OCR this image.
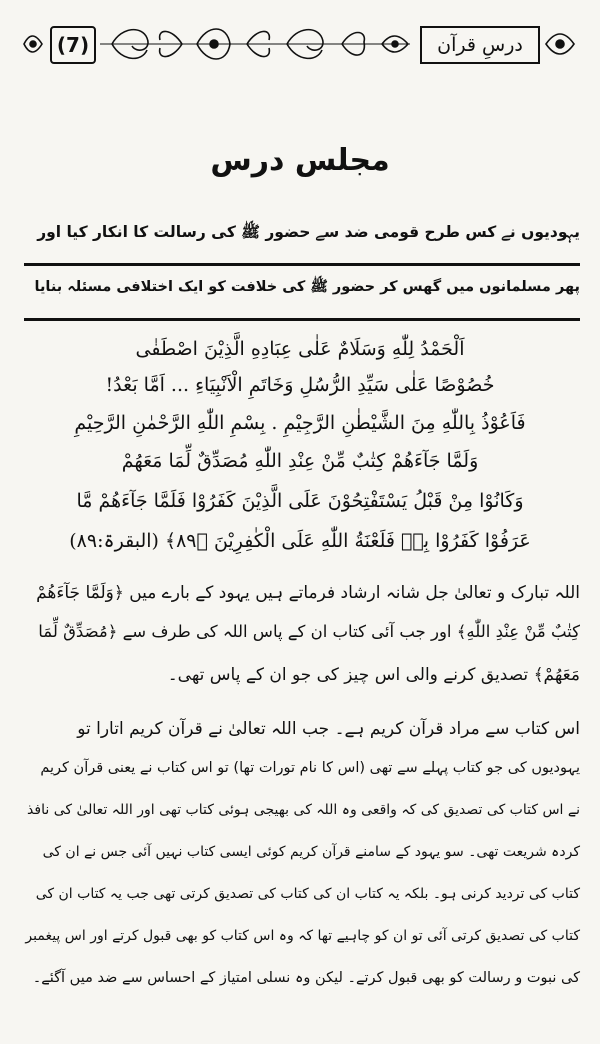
(7)	درسِ قرآن
مجلس درس
یہودیوں نے کس طرح قومی ضد سے حضور ﷺ کی رسالت کا انکار کیا اور
پھر مسلمانوں میں گھس کر حضور ﷺ کی خلافت کو ایک اختلافی مسئلہ بنایا
اَلْحَمْدُ لِلّٰهِ وَسَلَامٌ عَلٰى عِبَادِهِ الَّذِيْنَ اصْطَفٰى
خُصُوْصًا عَلٰى سَيِّدِ الرُّسُلِ وَخَاتَمِ الْاَنْبِيَاءِ ... اَمَّا بَعْدُ!
فَاَعُوْذُ بِاللّٰهِ مِنَ الشَّيْطٰنِ الرَّجِيْمِ . بِسْمِ اللّٰهِ الرَّحْمٰنِ الرَّحِيْمِ
وَلَمَّا جَآءَهُمْ كِتٰبٌ مِّنْ عِنْدِ اللّٰهِ مُصَدِّقٌ لِّمَا مَعَهُمْ
وَكَانُوْا مِنْ قَبْلُ يَسْتَفْتِحُوْنَ عَلَى الَّذِيْنَ كَفَرُوْا فَلَمَّا جَآءَهُمْ مَّا
عَرَفُوْا كَفَرُوْا بِهٖ فَلَعْنَةُ اللّٰهِ عَلَى الْكٰفِرِيْنَ ﴿٨٩﴾ (البقرۃ:٨٩)
اللہ تبارک و تعالیٰ جل شانہ ارشاد فرماتے ہیں یہود کے بارے میں ﴿وَلَمَّا جَآءَهُمْ
كِتٰبٌ مِّنْ عِنْدِ اللّٰهِ﴾ اور جب آئی کتاب ان کے پاس اللہ کی طرف سے ﴿مُصَدِّقٌ لِّمَا
مَعَهُمْ﴾ تصدیق کرنے والی اس چیز کی جو ان کے پاس تھی۔
اس کتاب سے مراد قرآن کریم ہے۔ جب اللہ تعالیٰ نے قرآن کریم اتارا تو
یہودیوں کی جو کتاب پہلے سے تھی (اس کا نام تورات تھا) تو اس کتاب نے یعنی قرآن کریم
نے اس کتاب کی تصدیق کی کہ واقعی وہ اللہ کی بھیجی ہوئی کتاب تھی اور اللہ تعالیٰ کی نافذ
کردہ شریعت تھی۔ سو یہود کے سامنے قرآن کریم کوئی ایسی کتاب نہیں آئی جس نے ان کی
کتاب کی تردید کرنی ہو۔ بلکہ یہ کتاب ان کی کتاب کی تصدیق کرتی تھی جب یہ کتاب ان کی
کتاب کی تصدیق کرتی آئی تو ان کو چاہیے تھا کہ وہ اس کتاب کو بھی قبول کرتے اور اس پیغمبر
کی نبوت و رسالت کو بھی قبول کرتے۔ لیکن وہ نسلی امتیاز کے احساس سے ضد میں آگئے۔
